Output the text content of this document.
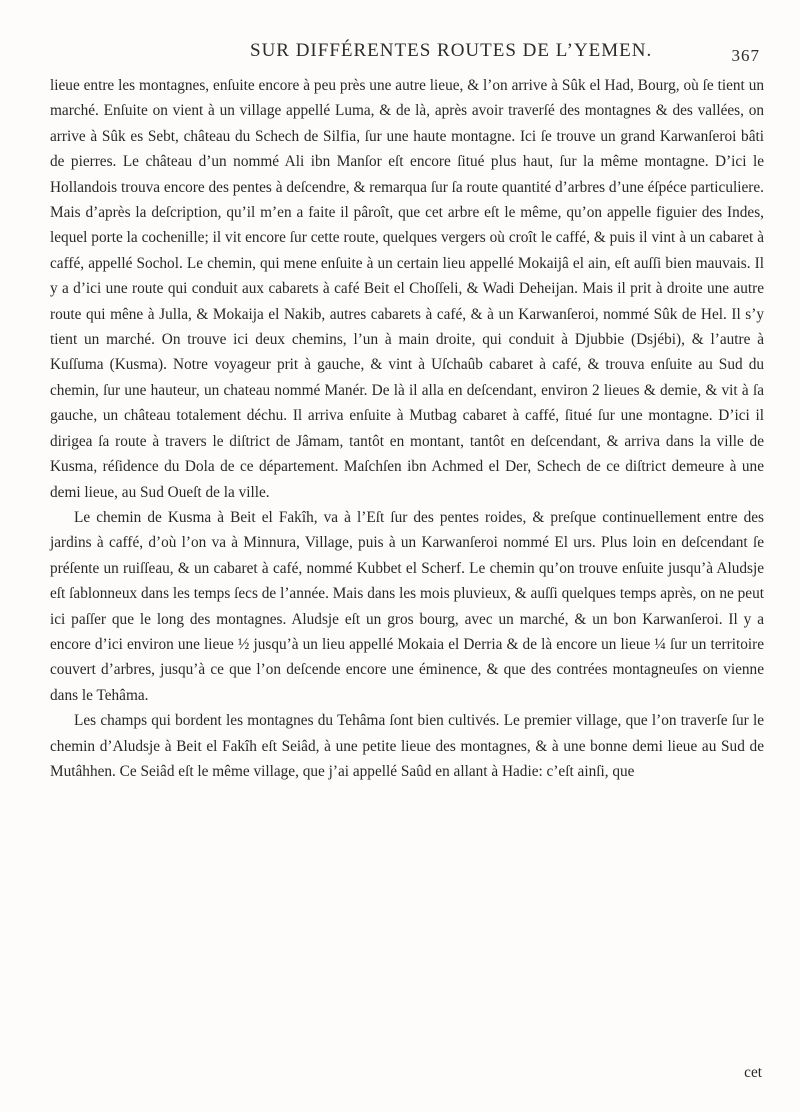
SUR DIFFÉRENTES ROUTES DE L’YEMEN.	367

lieue entre les montagnes, enſuite encore à peu près une autre lieue, & l’on arrive à Sûk el Had, Bourg, où ſe tient un marché. Enſuite on vient à un village appellé Luma, & de là, après avoir traverſé des montagnes & des vallées, on arrive à Sûk es Sebt, château du Schech de Silfia, ſur une haute montagne. Ici ſe trouve un grand Karwanſeroi bâti de pierres. Le château d’un nommé Ali ibn Manſor eſt encore ſitué plus haut, ſur la même montagne. D’ici le Hollandois trouva encore des pentes à deſcendre, & remarqua ſur ſa route quantité d’arbres d’une éſpéce particuliere. Mais d’après la deſcription, qu’il m’en a faite il pâroît, que cet arbre eſt le même, qu’on appelle figuier des Indes, lequel porte la cochenille; il vit encore ſur cette route, quelques vergers où croît le caffé, & puis il vint à un cabaret à caffé, appellé Sochol. Le chemin, qui mene enſuite à un certain lieu appellé Mokaijâ el ain, eſt auſſi bien mauvais. Il y a d’ici une route qui conduit aux cabarets à café Beit el Choſſeli, & Wadi Deheijan. Mais il prit à droite une autre route qui mêne à Julla, & Mokaija el Nakib, autres cabarets à café, & à un Karwanſeroi, nommé Sûk de Hel. Il s’y tient un marché. On trouve ici deux chemins, l’un à main droite, qui conduit à Djubbie (Dsjébi), & l’autre à Kuſſuma (Kusma). Notre voyageur prit à gauche, & vint à Uſchaûb cabaret à café, & trouva enſuite au Sud du chemin, ſur une hauteur, un chateau nommé Manér. De là il alla en deſcendant, environ 2 lieues & demie, & vit à ſa gauche, un château totalement déchu. Il arriva enſuite à Mutbag cabaret à caffé, ſitué ſur une montagne. D’ici il dirigea ſa route à travers le diſtrict de Jâmam, tantôt en montant, tantôt en deſcendant, & arriva dans la ville de Kusma, réſidence du Dola de ce département. Maſchſen ibn Achmed el Der, Schech de ce diſtrict demeure à une demi lieue, au Sud Oueſt de la ville.

Le chemin de Kusma à Beit el Fakîh, va à l’Eſt ſur des pentes roides, & preſque continuellement entre des jardins à caffé, d’où l’on va à Minnura, Village, puis à un Karwanſeroi nommé El urs. Plus loin en deſcendant ſe préſente un ruiſſeau, & un cabaret à café, nommé Kubbet el Scherf. Le chemin qu’on trouve enſuite jusqu’à Aludsje eſt ſablonneux dans les temps ſecs de l’année. Mais dans les mois pluvieux, & auſſi quelques temps après, on ne peut ici paſſer que le long des montagnes. Aludsje eſt un gros bourg, avec un marché, & un bon Karwanſeroi. Il y a encore d’ici environ une lieue ½ jusqu’à un lieu appellé Mokaia el Derria & de là encore un lieue ¼ ſur un territoire couvert d’arbres, jusqu’à ce que l’on deſcende encore une éminence, & que des contrées montagneuſes on vienne dans le Tehâma.

Les champs qui bordent les montagnes du Tehâma ſont bien cultivés. Le premier village, que l’on traverſe ſur le chemin d’Aludsje à Beit el Fakîh eſt Seiâd, à une petite lieue des montagnes, & à une bonne demi lieue au Sud de Mutâhhen. Ce Seiâd eſt le même village, que j’ai appellé Saûd en allant à Hadie: c’eſt ainſi, que

cet
